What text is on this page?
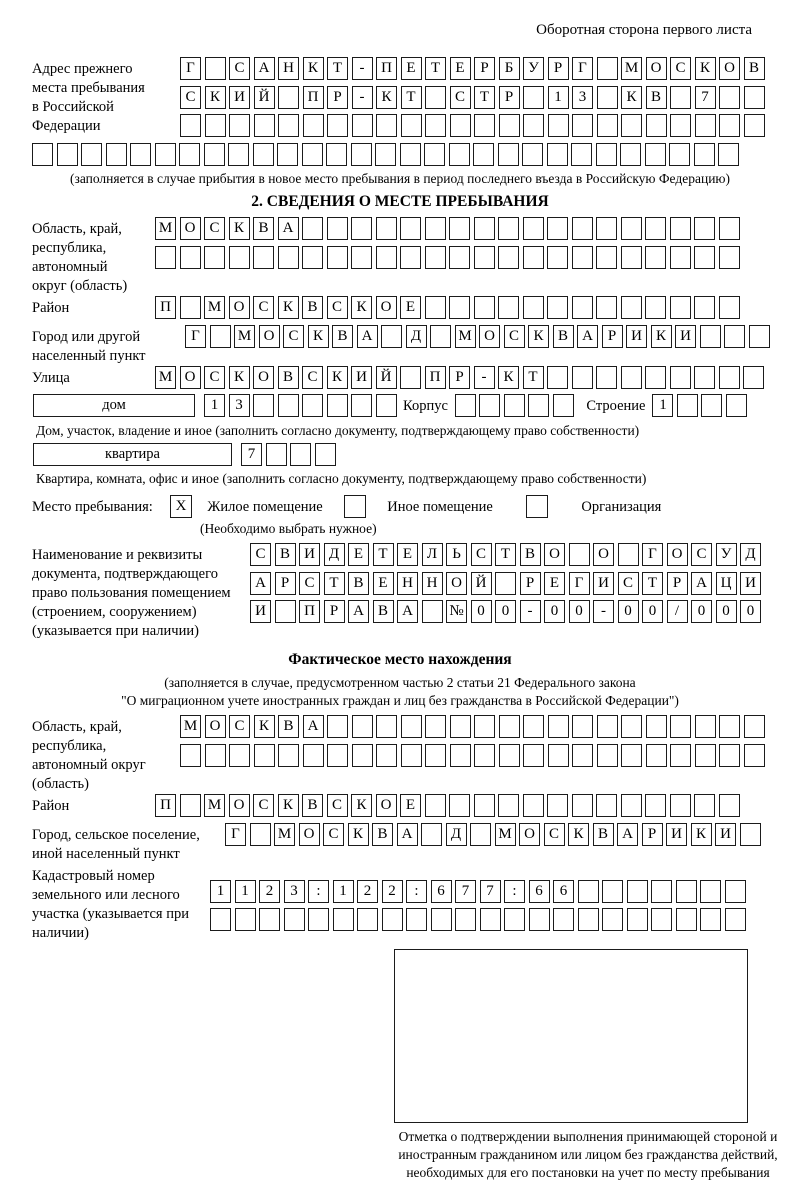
Оборотная сторона первого листа
Адрес прежнего места пребывания в Российской Федерации
Г	С А Н К Т - П Е Т Е Р Б У Р Г	М О С К О В
С К И Й	П Р - К Т	С Т Р	1 3	К В	7
(заполняется в случае прибытия в новое место пребывания в период последнего въезда в Российскую Федерацию)
2. СВЕДЕНИЯ О МЕСТЕ ПРЕБЫВАНИЯ
Область, край, республика, автономный округ (область)
М О С К В А
Район	П М О С К В С К О Е
Город или другой населенный пункт
Г	М О С К В А	Д М О С К В А Р И К И
Улица	М О С К О В С К И Й	П Р - К Т
дом	1 3	Корпус	Строение 1
Дом, участок, владение и иное (заполнить согласно документу, подтверждающему право собственности)
квартира	7
Квартира, комната, офис и иное (заполнить согласно документу, подтверждающему право собственности)
Место пребывания: X Жилое помещение	Иное помещение	Организация
(Необходимо выбрать нужное)
Наименование и реквизиты документа, подтверждающего право пользования помещением (строением, сооружением) (указывается при наличии)
С В И Д Е Т Е Л Ь С Т В О	О	Г О С У Д
А Р С Т В Е Н Н О Й	Р Е Г И С Т Р А Ц И
И	П Р А В А № 0 0 - 0 0 - 0 0 / 0 0 0
Фактическое место нахождения
(заполняется в случае, предусмотренном частью 2 статьи 21 Федерального закона
"О миграционном учете иностранных граждан и лиц без гражданства в Российской Федерации")
Область, край, республика, автономный округ (область)
М О С К В А
Район	П М О С К В С К О Е
Город, сельское поселение, иной населенный пункт
Г	М О С К В А	Д М О С К В А Р И К И
Кадастровый номер земельного или лесного участка (указывается при наличии)
1 1 2 3 : 1 2 2 : 6 7 7 : 6 6
Отметка о подтверждении выполнения принимающей стороной и иностранным гражданином или лицом без гражданства действий, необходимых для его постановки на учет по месту пребывания
